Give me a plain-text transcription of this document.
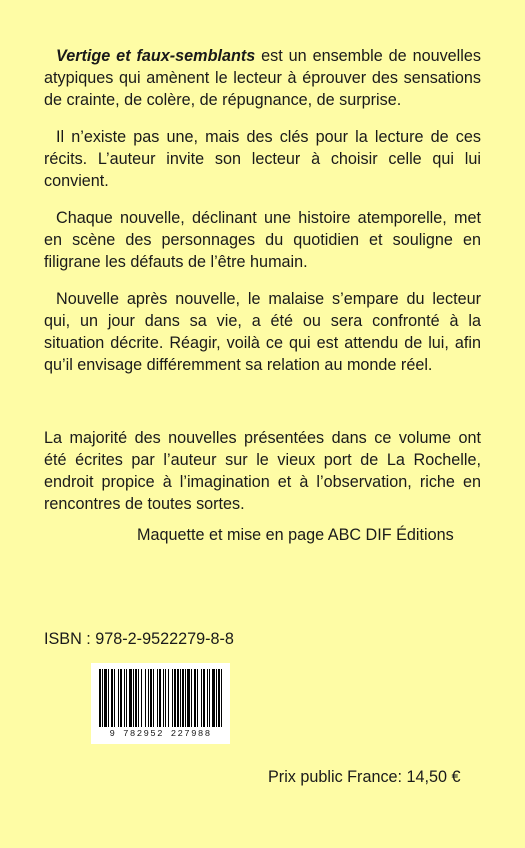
Vertige et faux-semblants est un ensemble de nouvelles atypiques qui amènent le lecteur à éprouver des sensations de crainte, de colère, de répugnance, de surprise.

Il n’existe pas une, mais des clés pour la lecture de ces récits. L’auteur invite son lecteur à choisir celle qui lui convient.

Chaque nouvelle, déclinant une histoire atemporelle, met en scène des personnages du quotidien et souligne en filigrane les défauts de l’être humain.

Nouvelle après nouvelle, le malaise s’empare du lecteur qui, un jour dans sa vie, a été ou sera confronté à la situation décrite. Réagir, voilà ce qui est attendu de lui, afin qu’il envisage différemment sa relation au monde réel.

La majorité des nouvelles présentées dans ce volume ont été écrites par l’auteur sur le vieux port de La Rochelle, endroit propice à l’imagination et à l’observation, riche en rencontres de toutes sortes.

Maquette et mise en page ABC DIF Éditions
ISBN : 978-2-9522279-8-8
9 782952 227988
Prix public France: 14,50 €
